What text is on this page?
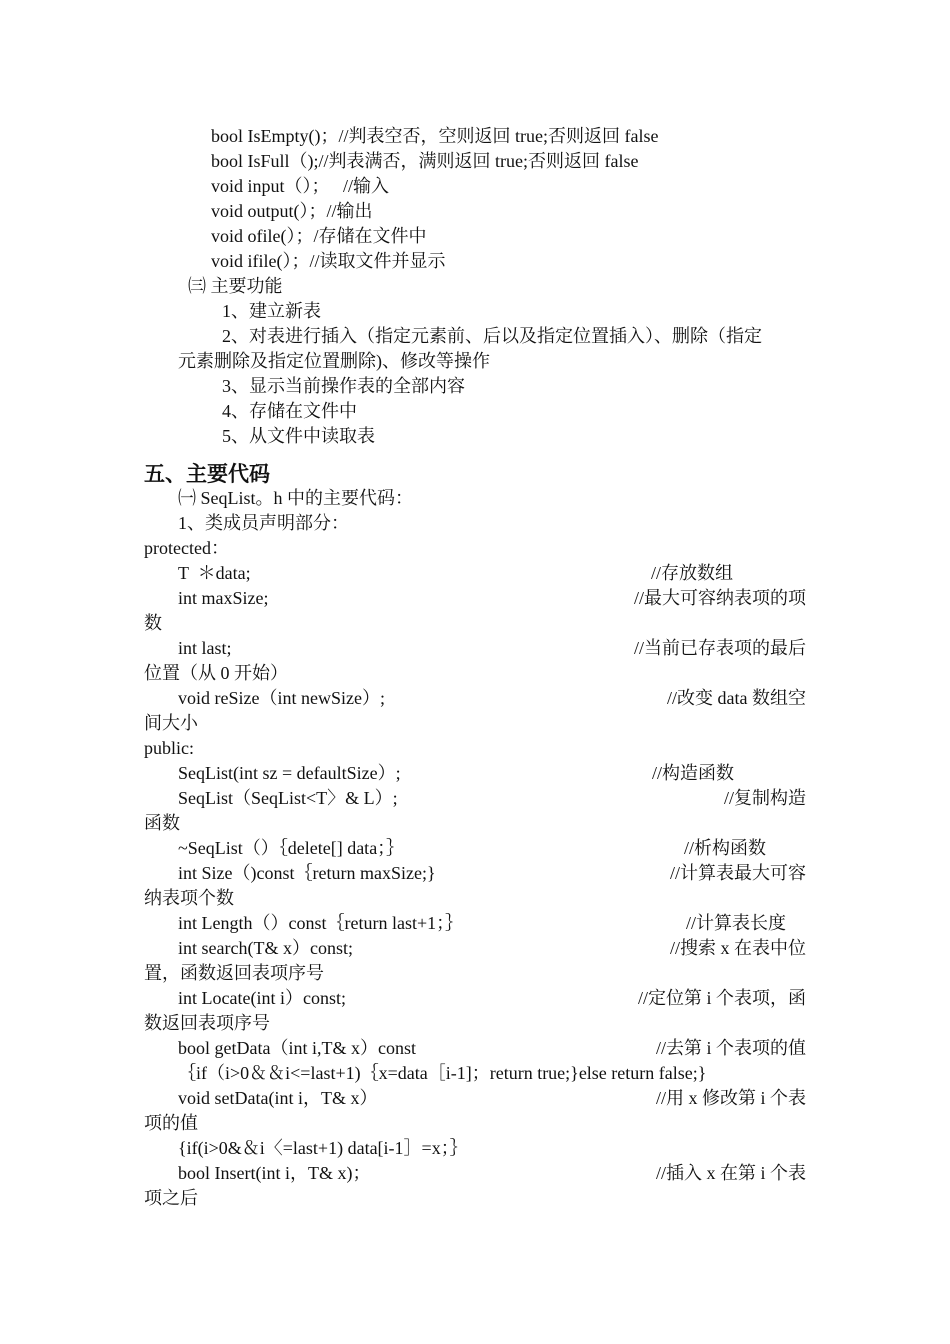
bool IsEmpty()；//判表空否，空则返回 true;否则返回 false
bool IsFull（);//判表满否，满则返回 true;否则返回 false
void input（）；   //输入
void output(）；//输出
void ofile(）；/存储在文件中
void ifile(）；//读取文件并显示
㈢ 主要功能
1、建立新表
2、对表进行插入（指定元素前、后以及指定位置插入）、删除（指定
元素删除及指定位置删除)、修改等操作
3、显示当前操作表的全部内容
4、存储在文件中
5、从文件中读取表
五、主要代码
㈠ SeqList。h 中的主要代码：
1、类成员声明部分：
protected：
T  ＊data;	//存放数组
int maxSize;	//最大可容纳表项的项
数
int last;	//当前已存表项的最后
位置（从 0 开始）
void reSize（int newSize）;	//改变 data 数组空
间大小
public:
SeqList(int sz = defaultSize）;	//构造函数
SeqList（SeqList<T〉& L）;	//复制构造
函数
~SeqList（）｛delete[] data；｝	//析构函数
int Size（)const｛return maxSize;}	//计算表最大可容
纳表项个数
int Length（）const｛return last+1；｝	//计算表长度
int search(T& x）const;	//搜索 x 在表中位
置，函数返回表项序号
int Locate(int i）const;	//定位第 i 个表项，函
数返回表项序号
bool getData（int i,T& x）const	//去第 i 个表项的值
｛if（i>0＆＆i<=last+1)｛x=data［i-1]；return true;}else return false;}
void setData(int i，T& x）	//用 x 修改第 i 个表
项的值
{if(i>0&＆i〈=last+1) data[i-1］=x；｝
bool Insert(int i，T& x)；	//插入 x 在第 i 个表
项之后
